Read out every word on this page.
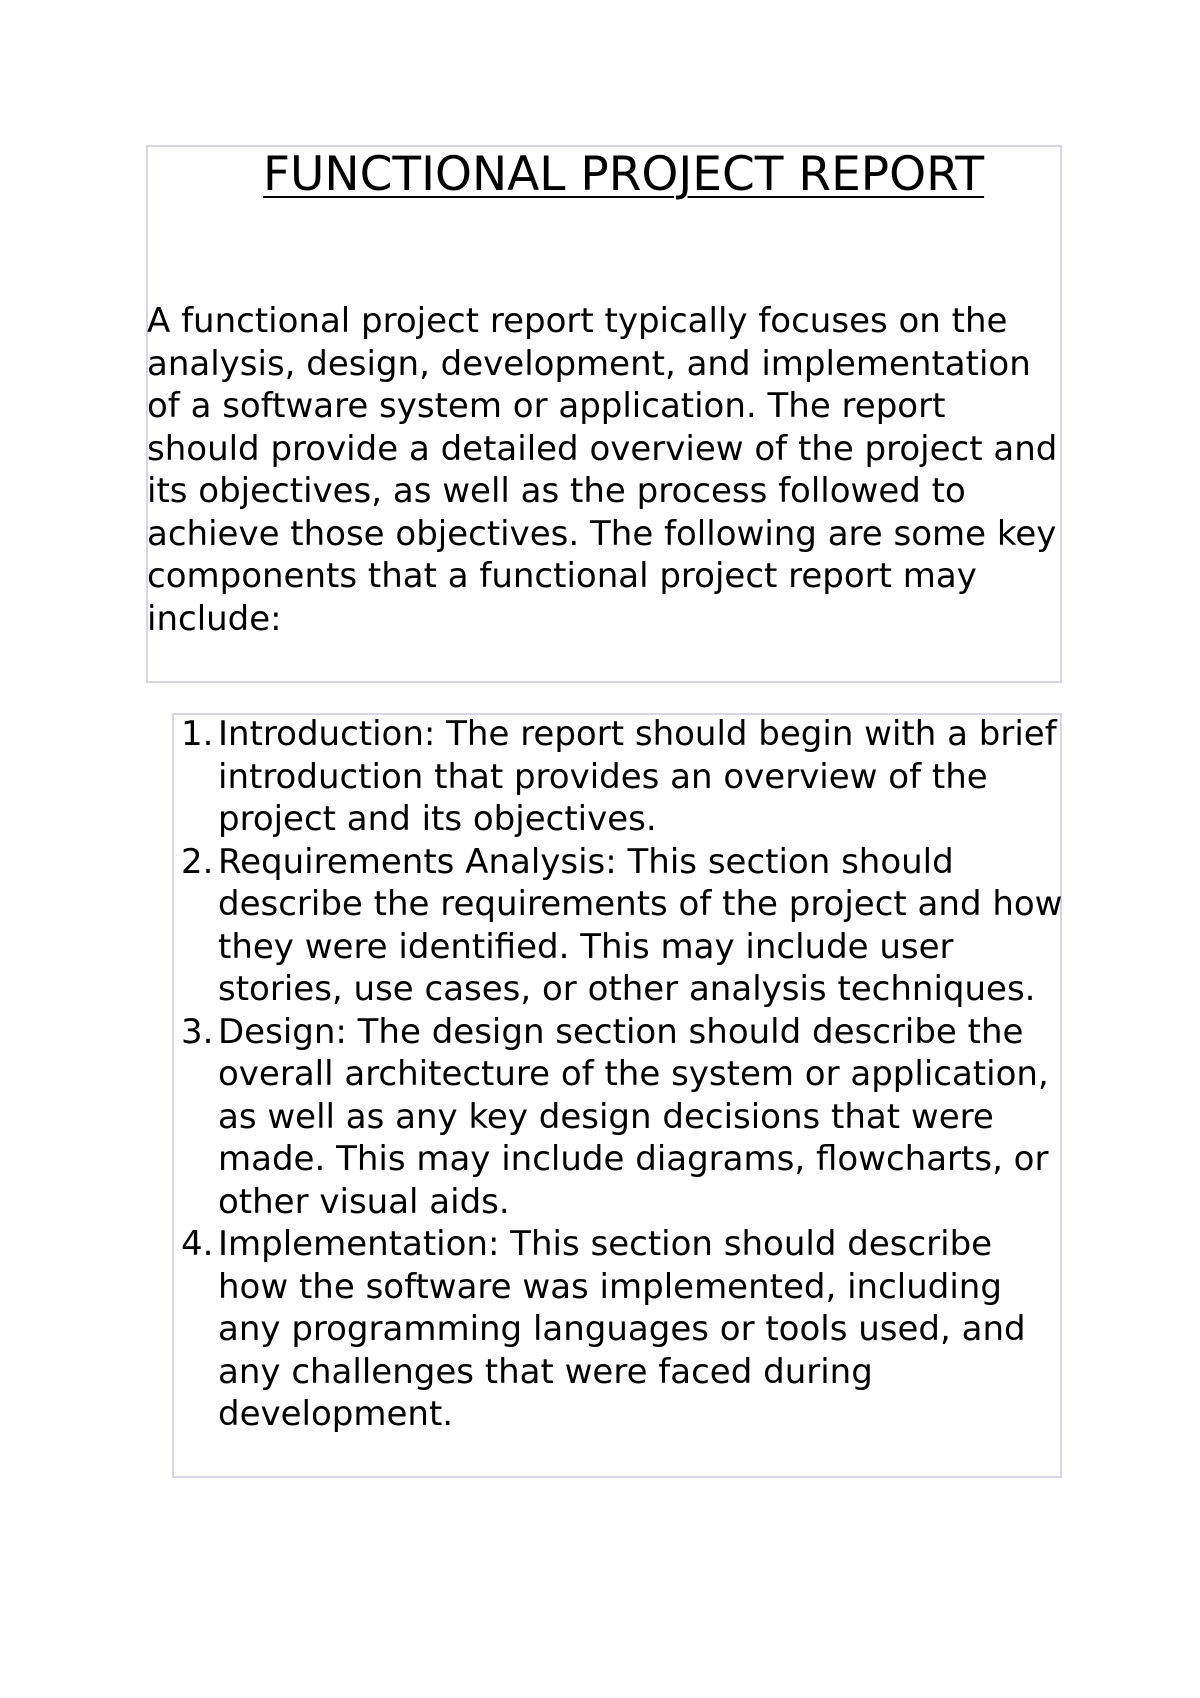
FUNCTIONAL PROJECT REPORT

A functional project report typically focuses on the analysis, design, development, and implementation of a software system or application. The report should provide a detailed overview of the project and its objectives, as well as the process followed to achieve those objectives. The following are some key components that a functional project report may include:

1. Introduction: The report should begin with a brief introduction that provides an overview of the project and its objectives.
2. Requirements Analysis: This section should describe the requirements of the project and how they were identified. This may include user stories, use cases, or other analysis techniques.
3. Design: The design section should describe the overall architecture of the system or application, as well as any key design decisions that were made. This may include diagrams, flowcharts, or other visual aids.
4. Implementation: This section should describe how the software was implemented, including any programming languages or tools used, and any challenges that were faced during development.
